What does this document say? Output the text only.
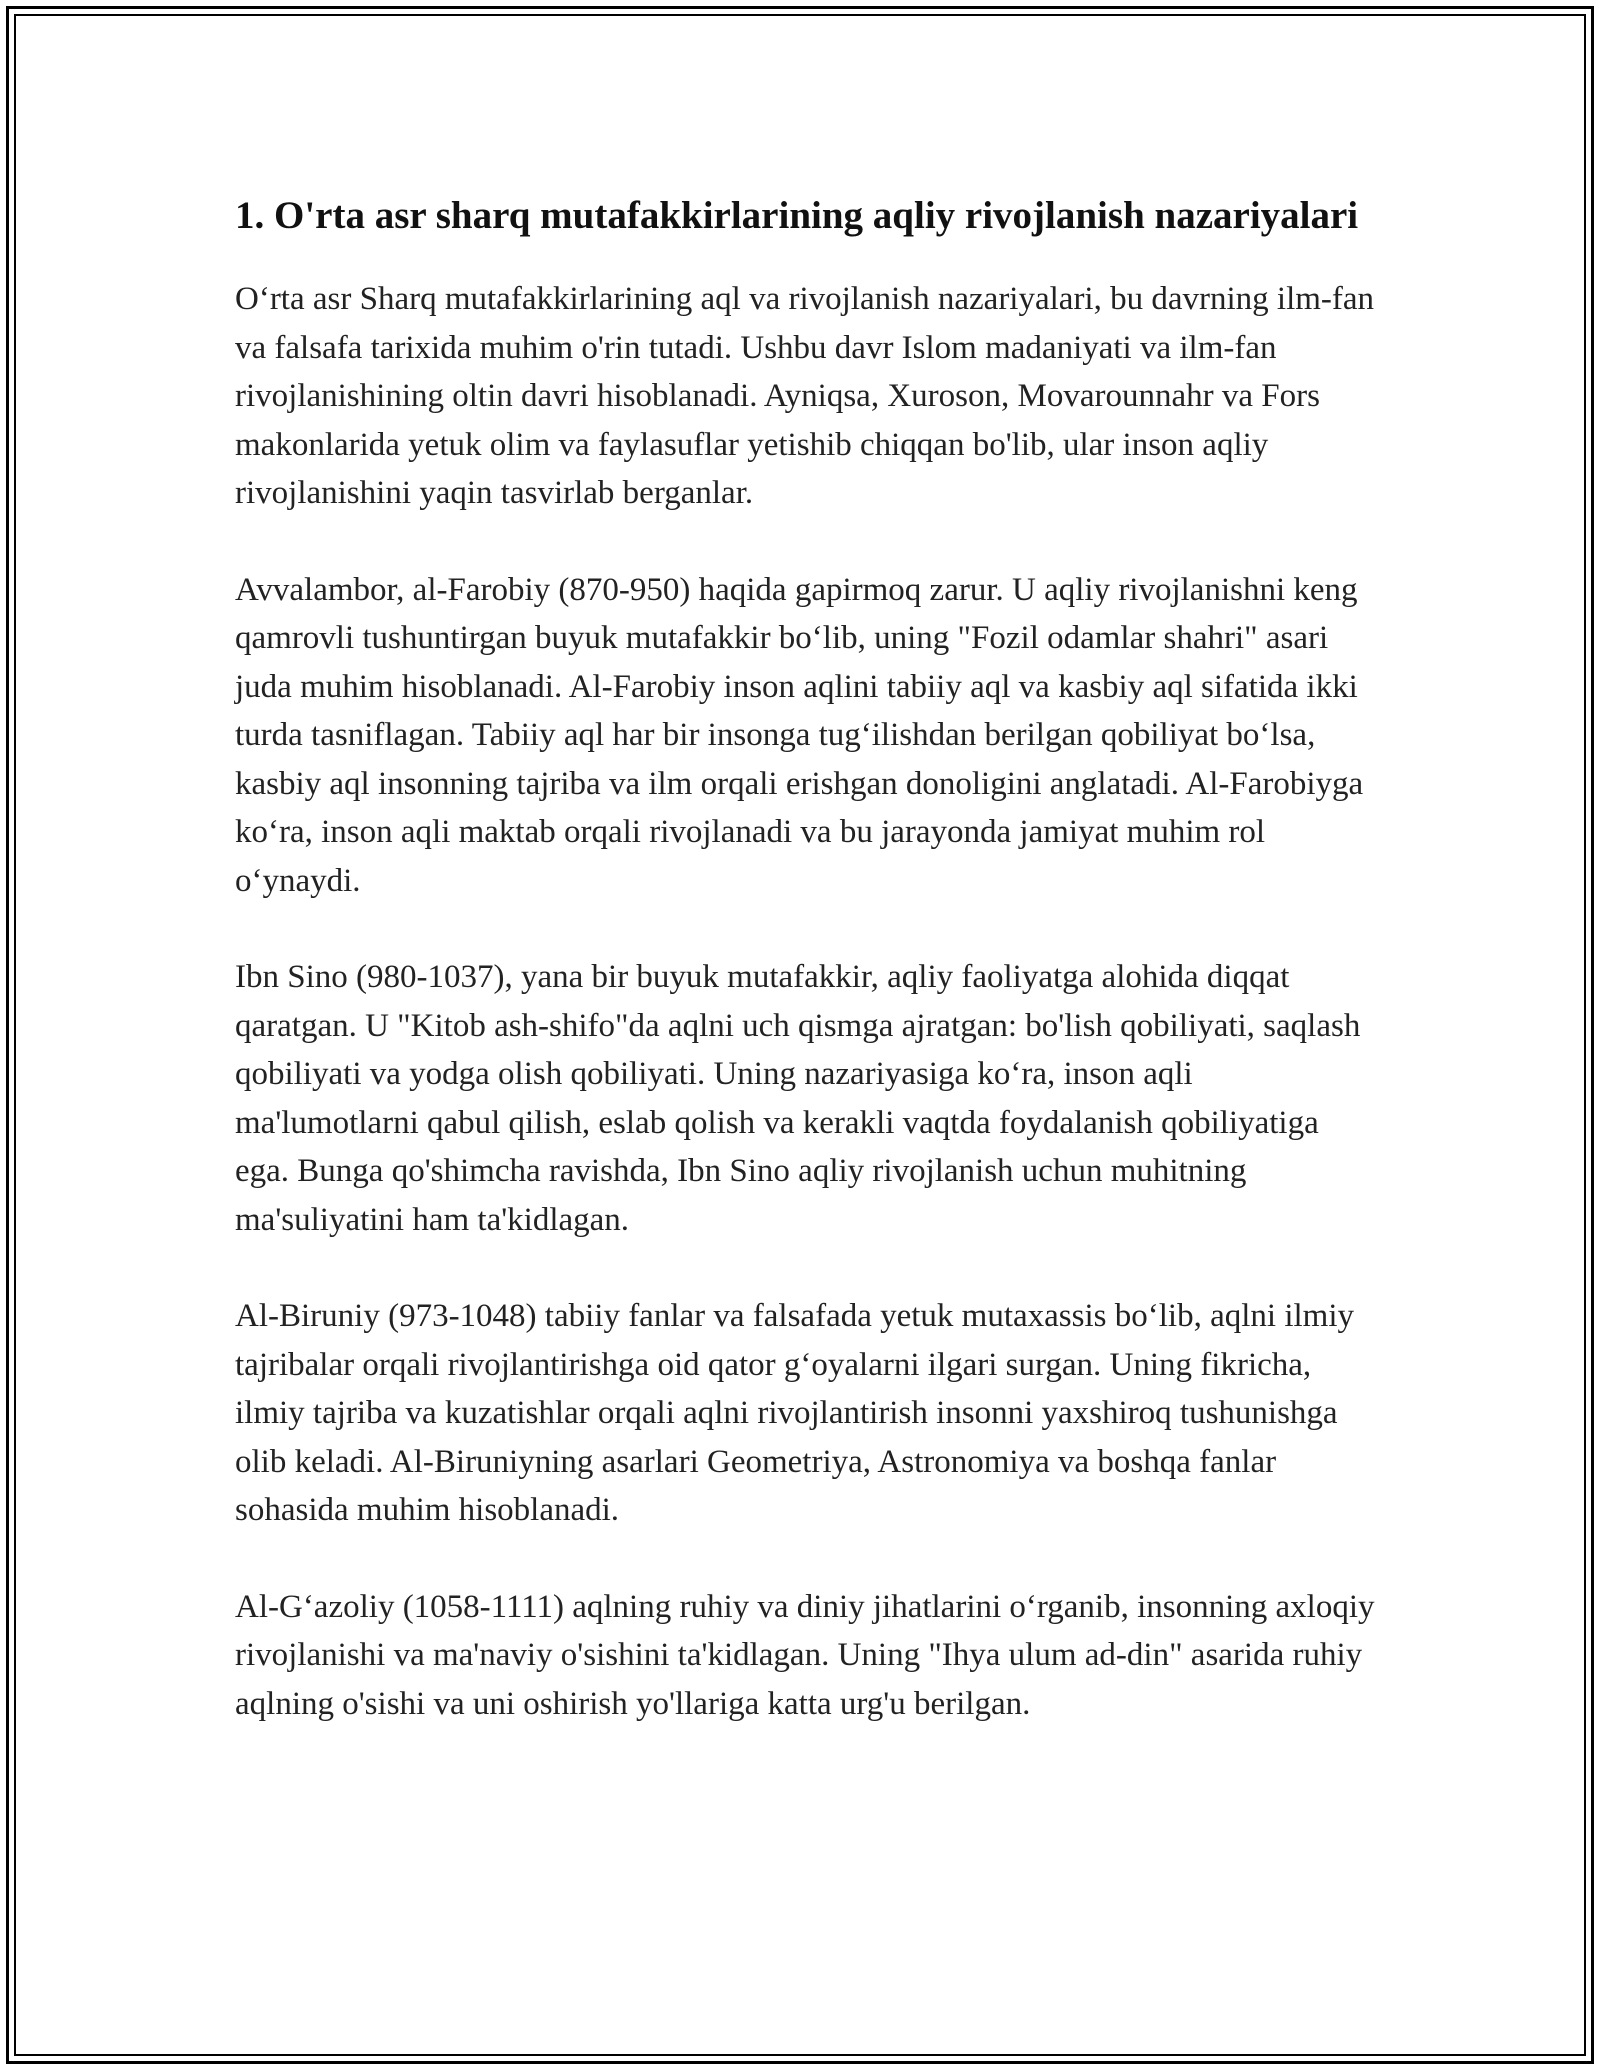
1. O'rta asr sharq mutafakkirlarining aqliy rivojlanish nazariyalari

O‘rta asr Sharq mutafakkirlarining aql va rivojlanish nazariyalari, bu davrning ilm-fan va falsafa tarixida muhim o'rin tutadi. Ushbu davr Islom madaniyati va ilm-fan rivojlanishining oltin davri hisoblanadi. Ayniqsa, Xuroson, Movarounnahr va Fors makonlarida yetuk olim va faylasuflar yetishib chiqqan bo'lib, ular inson aqliy rivojlanishini yaqin tasvirlab berganlar.

Avvalambor, al-Farobiy (870-950) haqida gapirmoq zarur. U aqliy rivojlanishni keng qamrovli tushuntirgan buyuk mutafakkir bo‘lib, uning "Fozil odamlar shahri" asari juda muhim hisoblanadi. Al-Farobiy inson aqlini tabiiy aql va kasbiy aql sifatida ikki turda tasniflagan. Tabiiy aql har bir insonga tug‘ilishdan berilgan qobiliyat bo‘lsa, kasbiy aql insonning tajriba va ilm orqali erishgan donoligini anglatadi. Al-Farobiyga ko‘ra, inson aqli maktab orqali rivojlanadi va bu jarayonda jamiyat muhim rol o‘ynaydi.

Ibn Sino (980-1037), yana bir buyuk mutafakkir, aqliy faoliyatga alohida diqqat qaratgan. U "Kitob ash-shifo"da aqlni uch qismga ajratgan: bo'lish qobiliyati, saqlash qobiliyati va yodga olish qobiliyati. Uning nazariyasiga ko‘ra, inson aqli ma'lumotlarni qabul qilish, eslab qolish va kerakli vaqtda foydalanish qobiliyatiga ega. Bunga qo'shimcha ravishda, Ibn Sino aqliy rivojlanish uchun muhitning ma'suliyatini ham ta'kidlagan.

Al-Biruniy (973-1048) tabiiy fanlar va falsafada yetuk mutaxassis bo‘lib, aqlni ilmiy tajribalar orqali rivojlantirishga oid qator g‘oyalarni ilgari surgan. Uning fikricha, ilmiy tajriba va kuzatishlar orqali aqlni rivojlantirish insonni yaxshiroq tushunishga olib keladi. Al-Biruniyning asarlari Geometriya, Astronomiya va boshqa fanlar sohasida muhim hisoblanadi.

Al-G‘azoliy (1058-1111) aqlning ruhiy va diniy jihatlarini o‘rganib, insonning axloqiy rivojlanishi va ma'naviy o'sishini ta'kidlagan. Uning "Ihya ulum ad-din" asarida ruhiy aqlning o'sishi va uni oshirish yo'llariga katta urg'u berilgan.
